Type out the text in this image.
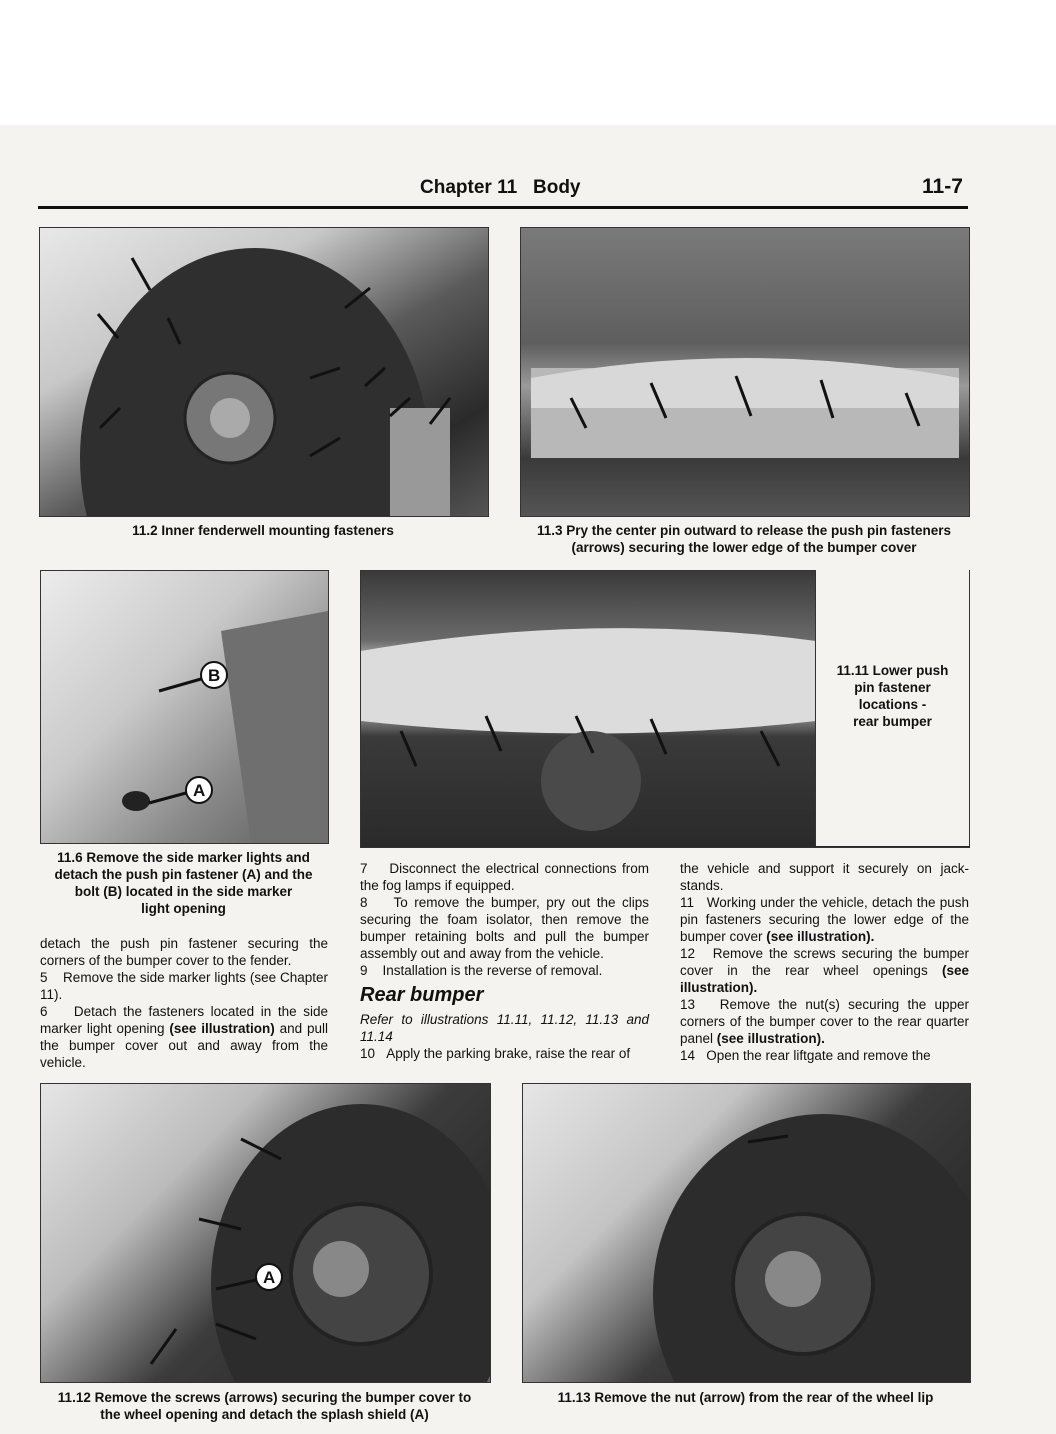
Chapter 11 Body	11-7
11.2 Inner fenderwell mounting fasteners	11.3 Pry the center pin outward to release the push pin fasteners
(arrows) securing the lower edge of the bumper cover
B
A
11.6 Remove the side marker lights and
detach the push pin fastener (A) and the
bolt (B) located in the side marker
light opening
11.11 Lower push
pin fastener
locations -
rear bumper

detach the push pin fastener securing the corners of the bumper cover to the fender.

5    Remove the side marker lights (see Chapter 11).

6    Detach the fasteners located in the side marker light opening (see illustration) and pull the bumper cover out and away from the vehicle.

7    Disconnect the electrical connections from the fog lamps if equipped.

8    To remove the bumper, pry out the clips securing the foam isolator, then remove the bumper retaining bolts and pull the bumper assembly out and away from the vehicle.

9    Installation is the reverse of removal.

Rear bumper

Refer to illustrations 11.11, 11.12, 11.13 and 11.14

10   Apply the parking brake, raise the rear of

the vehicle and support it securely on jack-stands.

11   Working under the vehicle, detach the push pin fasteners securing the lower edge of the bumper cover (see illustration).

12   Remove the screws securing the bumper cover in the rear wheel openings (see illustration).

13   Remove the nut(s) securing the upper corners of the bumper cover to the rear quarter panel (see illustration).

14   Open the rear liftgate and remove the

A
11.12 Remove the screws (arrows) securing the bumper cover to
the wheel opening and detach the splash shield (A)
11.13 Remove the nut (arrow) from the rear of the wheel lip
